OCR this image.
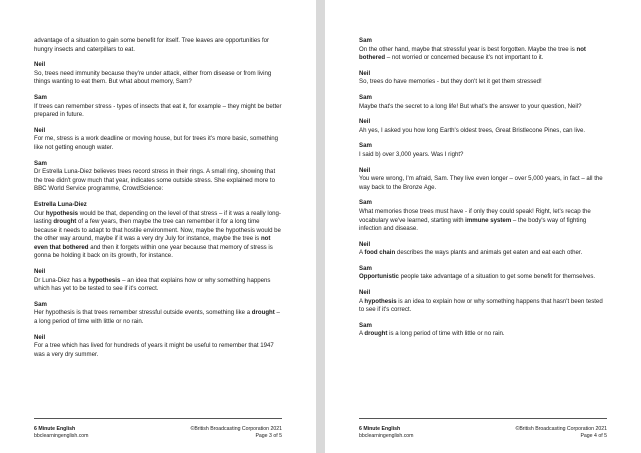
advantage of a situation to gain some benefit for itself. Tree leaves are opportunities for hungry insects and caterpillars to eat.

Neil

So, trees need immunity because they're under attack, either from disease or from living things wanting to eat them. But what about memory, Sam?

Sam

If trees can remember stress - types of insects that eat it, for example – they might be better prepared in future.

Neil

For me, stress is a work deadline or moving house, but for trees it's more basic, something like not getting enough water.

Sam

Dr Estrella Luna-Diez believes trees record stress in their rings. A small ring, showing that the tree didn't grow much that year, indicates some outside stress. She explained more to BBC World Service programme, CrowdScience:

Estrella Luna-Diez

Our hypothesis would be that, depending on the level of that stress – if it was a really long-lasting drought of a few years, then maybe the tree can remember it for a long time because it needs to adapt to that hostile environment. Now, maybe the hypothesis would be the other way around, maybe if it was a very dry July for instance, maybe the tree is not even that bothered and then it forgets within one year because that memory of stress is gonna be holding it back on its growth, for instance.

Neil

Dr Luna-Diez has a hypothesis – an idea that explains how or why something happens which has yet to be tested to see if it's correct.

Sam

Her hypothesis is that trees remember stressful outside events, something like a drought – a long period of time with little or no rain.

Neil

For a tree which has lived for hundreds of years it might be useful to remember that 1947 was a very dry summer.

6 Minute English
bbclearningenglish.com
©British Broadcasting Corporation 2021
Page 3 of 5

Sam

On the other hand, maybe that stressful year is best forgotten. Maybe the tree is not bothered – not worried or concerned because it's not important to it.

Neil

So, trees do have memories - but they don't let it get them stressed!

Sam

Maybe that's the secret to a long life! But what's the answer to your question, Neil?

Neil

Ah yes, I asked you how long Earth's oldest trees, Great Bristlecone Pines, can live.

Sam

I said b) over 3,000 years. Was I right?

Neil

You were wrong, I'm afraid, Sam. They live even longer – over 5,000 years, in fact – all the way back to the Bronze Age.

Sam

What memories those trees must have - if only they could speak! Right, let's recap the vocabulary we've learned, starting with immune system – the body's way of fighting infection and disease.

Neil

A food chain describes the ways plants and animals get eaten and eat each other.

Sam

Opportunistic people take advantage of a situation to get some benefit for themselves.

Neil

A hypothesis is an idea to explain how or why something happens that hasn't been tested to see if it's correct.

Sam

A drought is a long period of time with little or no rain.

6 Minute English
bbclearningenglish.com
©British Broadcasting Corporation 2021
Page 4 of 5
